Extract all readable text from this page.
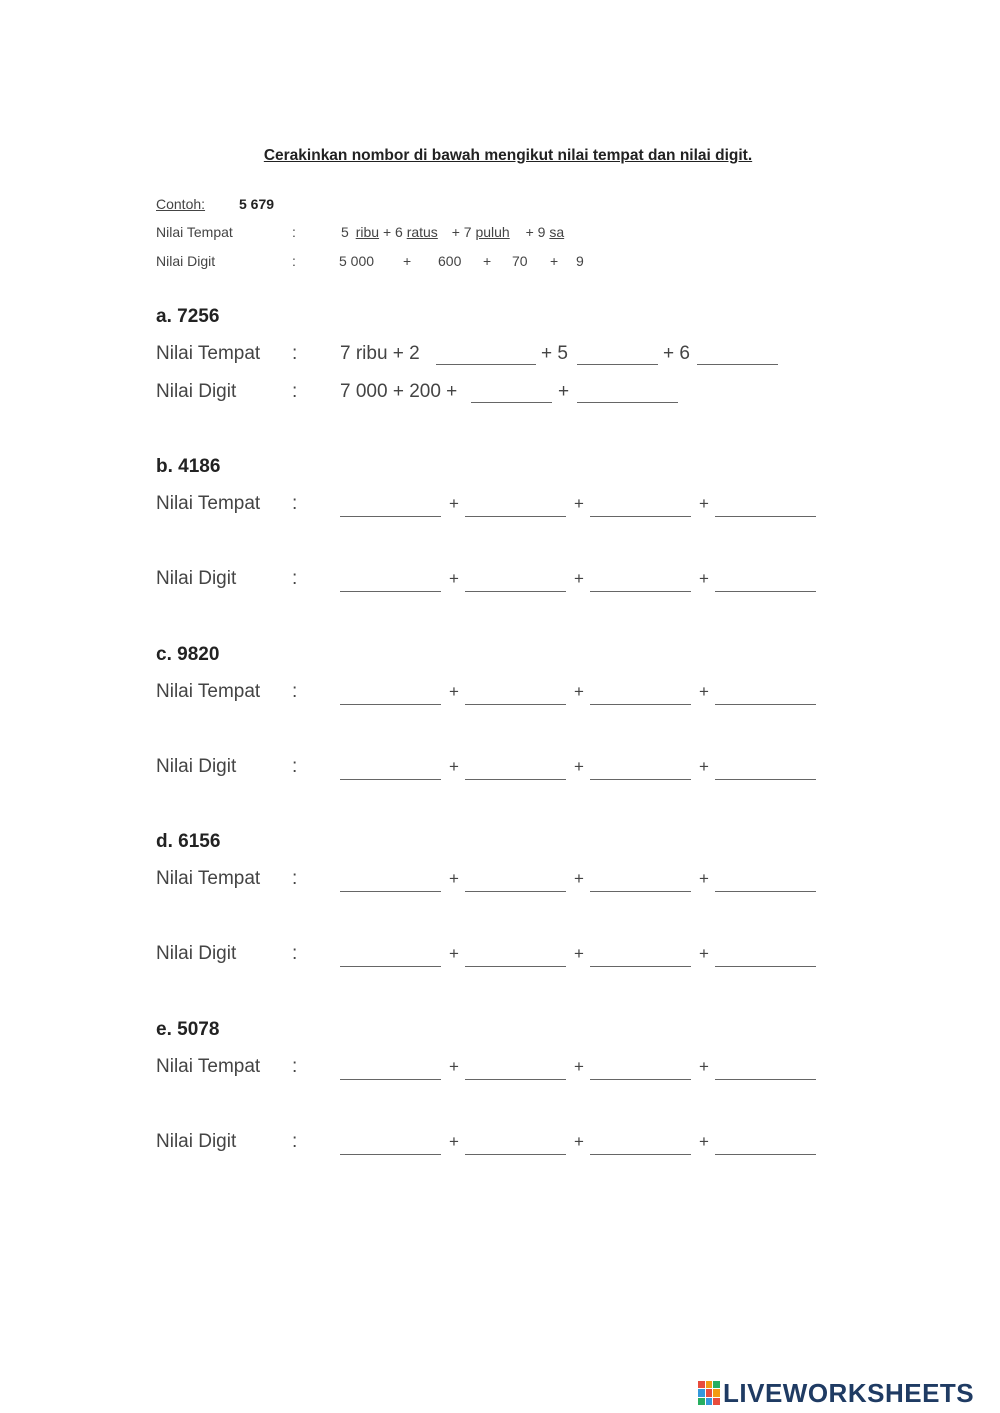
Cerakinkan nombor di bawah mengikut nilai tempat dan nilai digit.
Contoh: 5 679
Nilai Tempat	:	5 ribu + 6 ratus + 7 puluh + 9 sa
Nilai Digit	:	5 000 + 600 + 70 + 9
a. 7256
Nilai Tempat : 7 ribu + 2	+ 5	+ 6
Nilai Digit	: 7 000 + 200 +	+
b. 4186
Nilai Tempat :	+	+	+
Nilai Digit	:	+	+	+
c. 9820
Nilai Tempat :	+	+	+
Nilai Digit	:	+	+	+
d. 6156
Nilai Tempat :	+	+	+
Nilai Digit	:	+	+	+
e. 5078
Nilai Tempat :	+	+	+
Nilai Digit	:	+	+	+
LIVEWORKSHEETS
